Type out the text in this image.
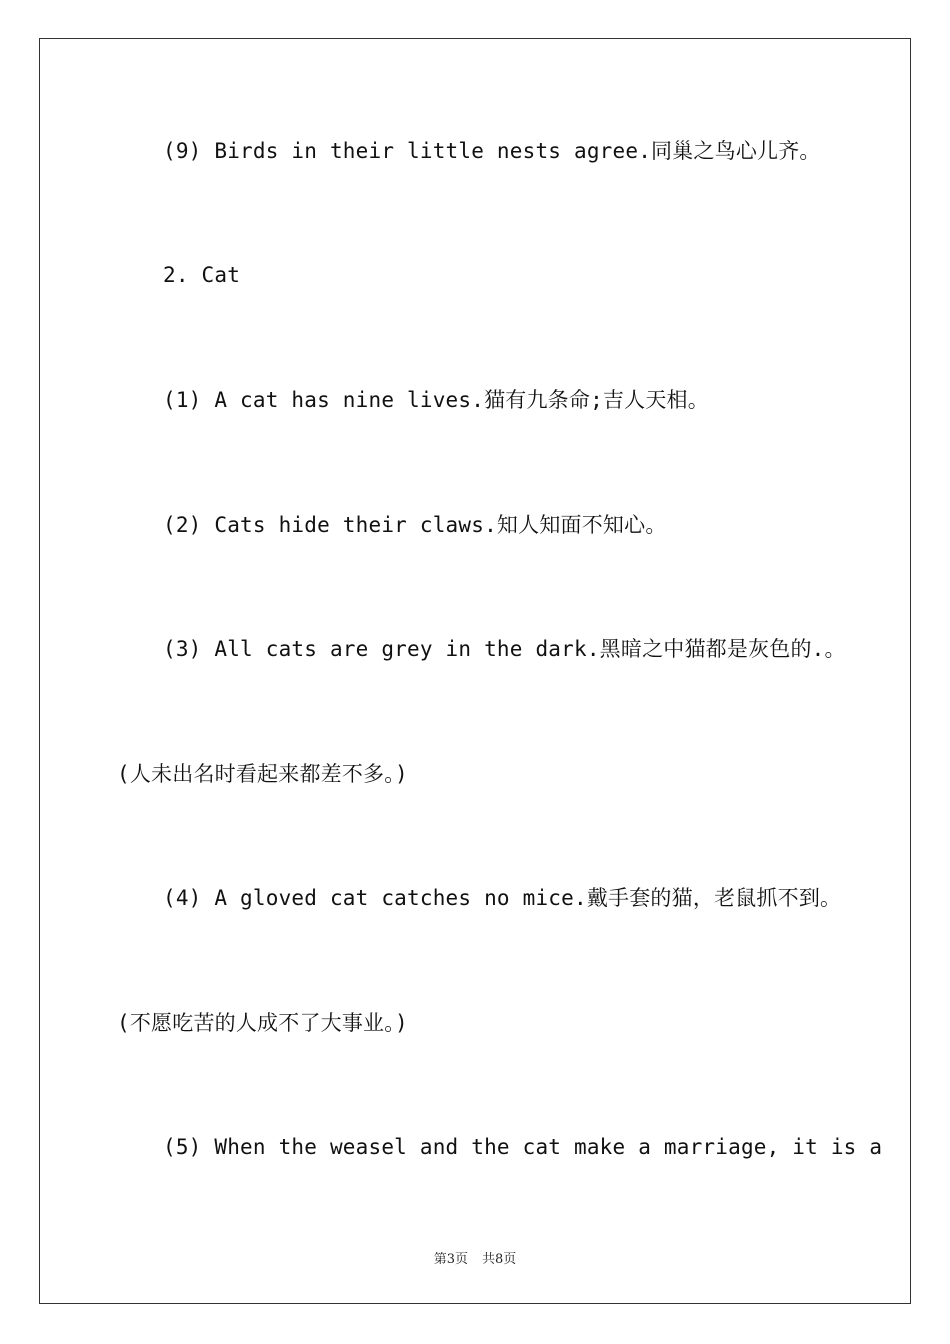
(9) Birds in their little nests agree.同巢之鸟心儿齐。
2. Cat
(1) A cat has nine lives.猫有九条命;吉人天相。
(2) Cats hide their claws.知人知面不知心。
(3) All cats are grey in the dark.黑暗之中猫都是灰色的.。
(人未出名时看起来都差不多。)
(4) A gloved cat catches no mice.戴手套的猫，老鼠抓不到。
(不愿吃苦的人成不了大事业。)
(5) When the weasel and the cat make a marriage, it is a
第3页 共8页
